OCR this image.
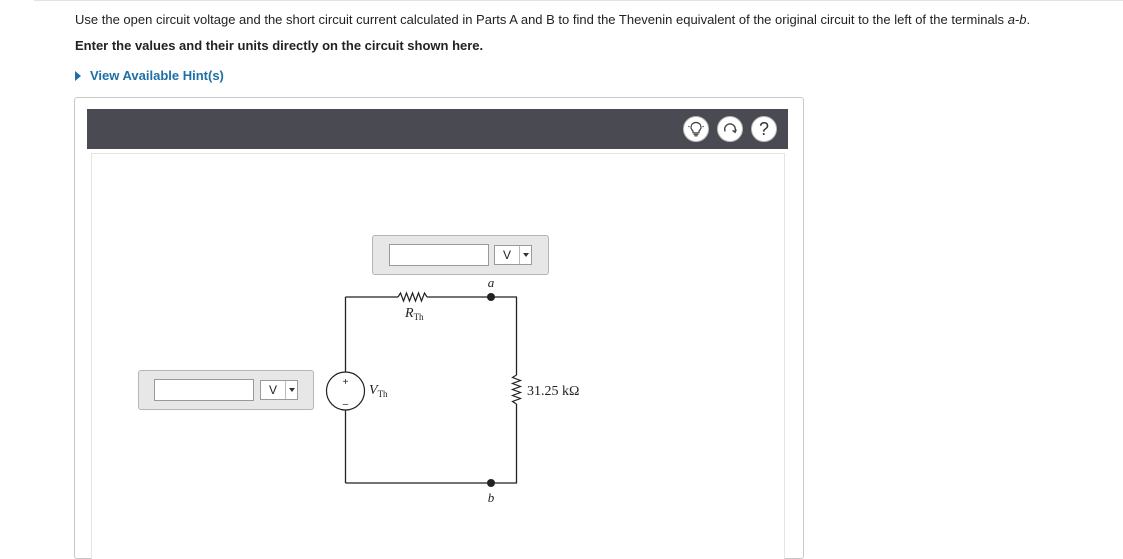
Use the open circuit voltage and the short circuit current calculated in Parts A and B to find the Thevenin equivalent of the original circuit to the left of the terminals a-b.
Enter the values and their units directly on the circuit shown here.
View Available Hint(s)
?
+
–
a
b
$R_{Th}$
$V_{Th}$	31.25 kΩ
V
V
